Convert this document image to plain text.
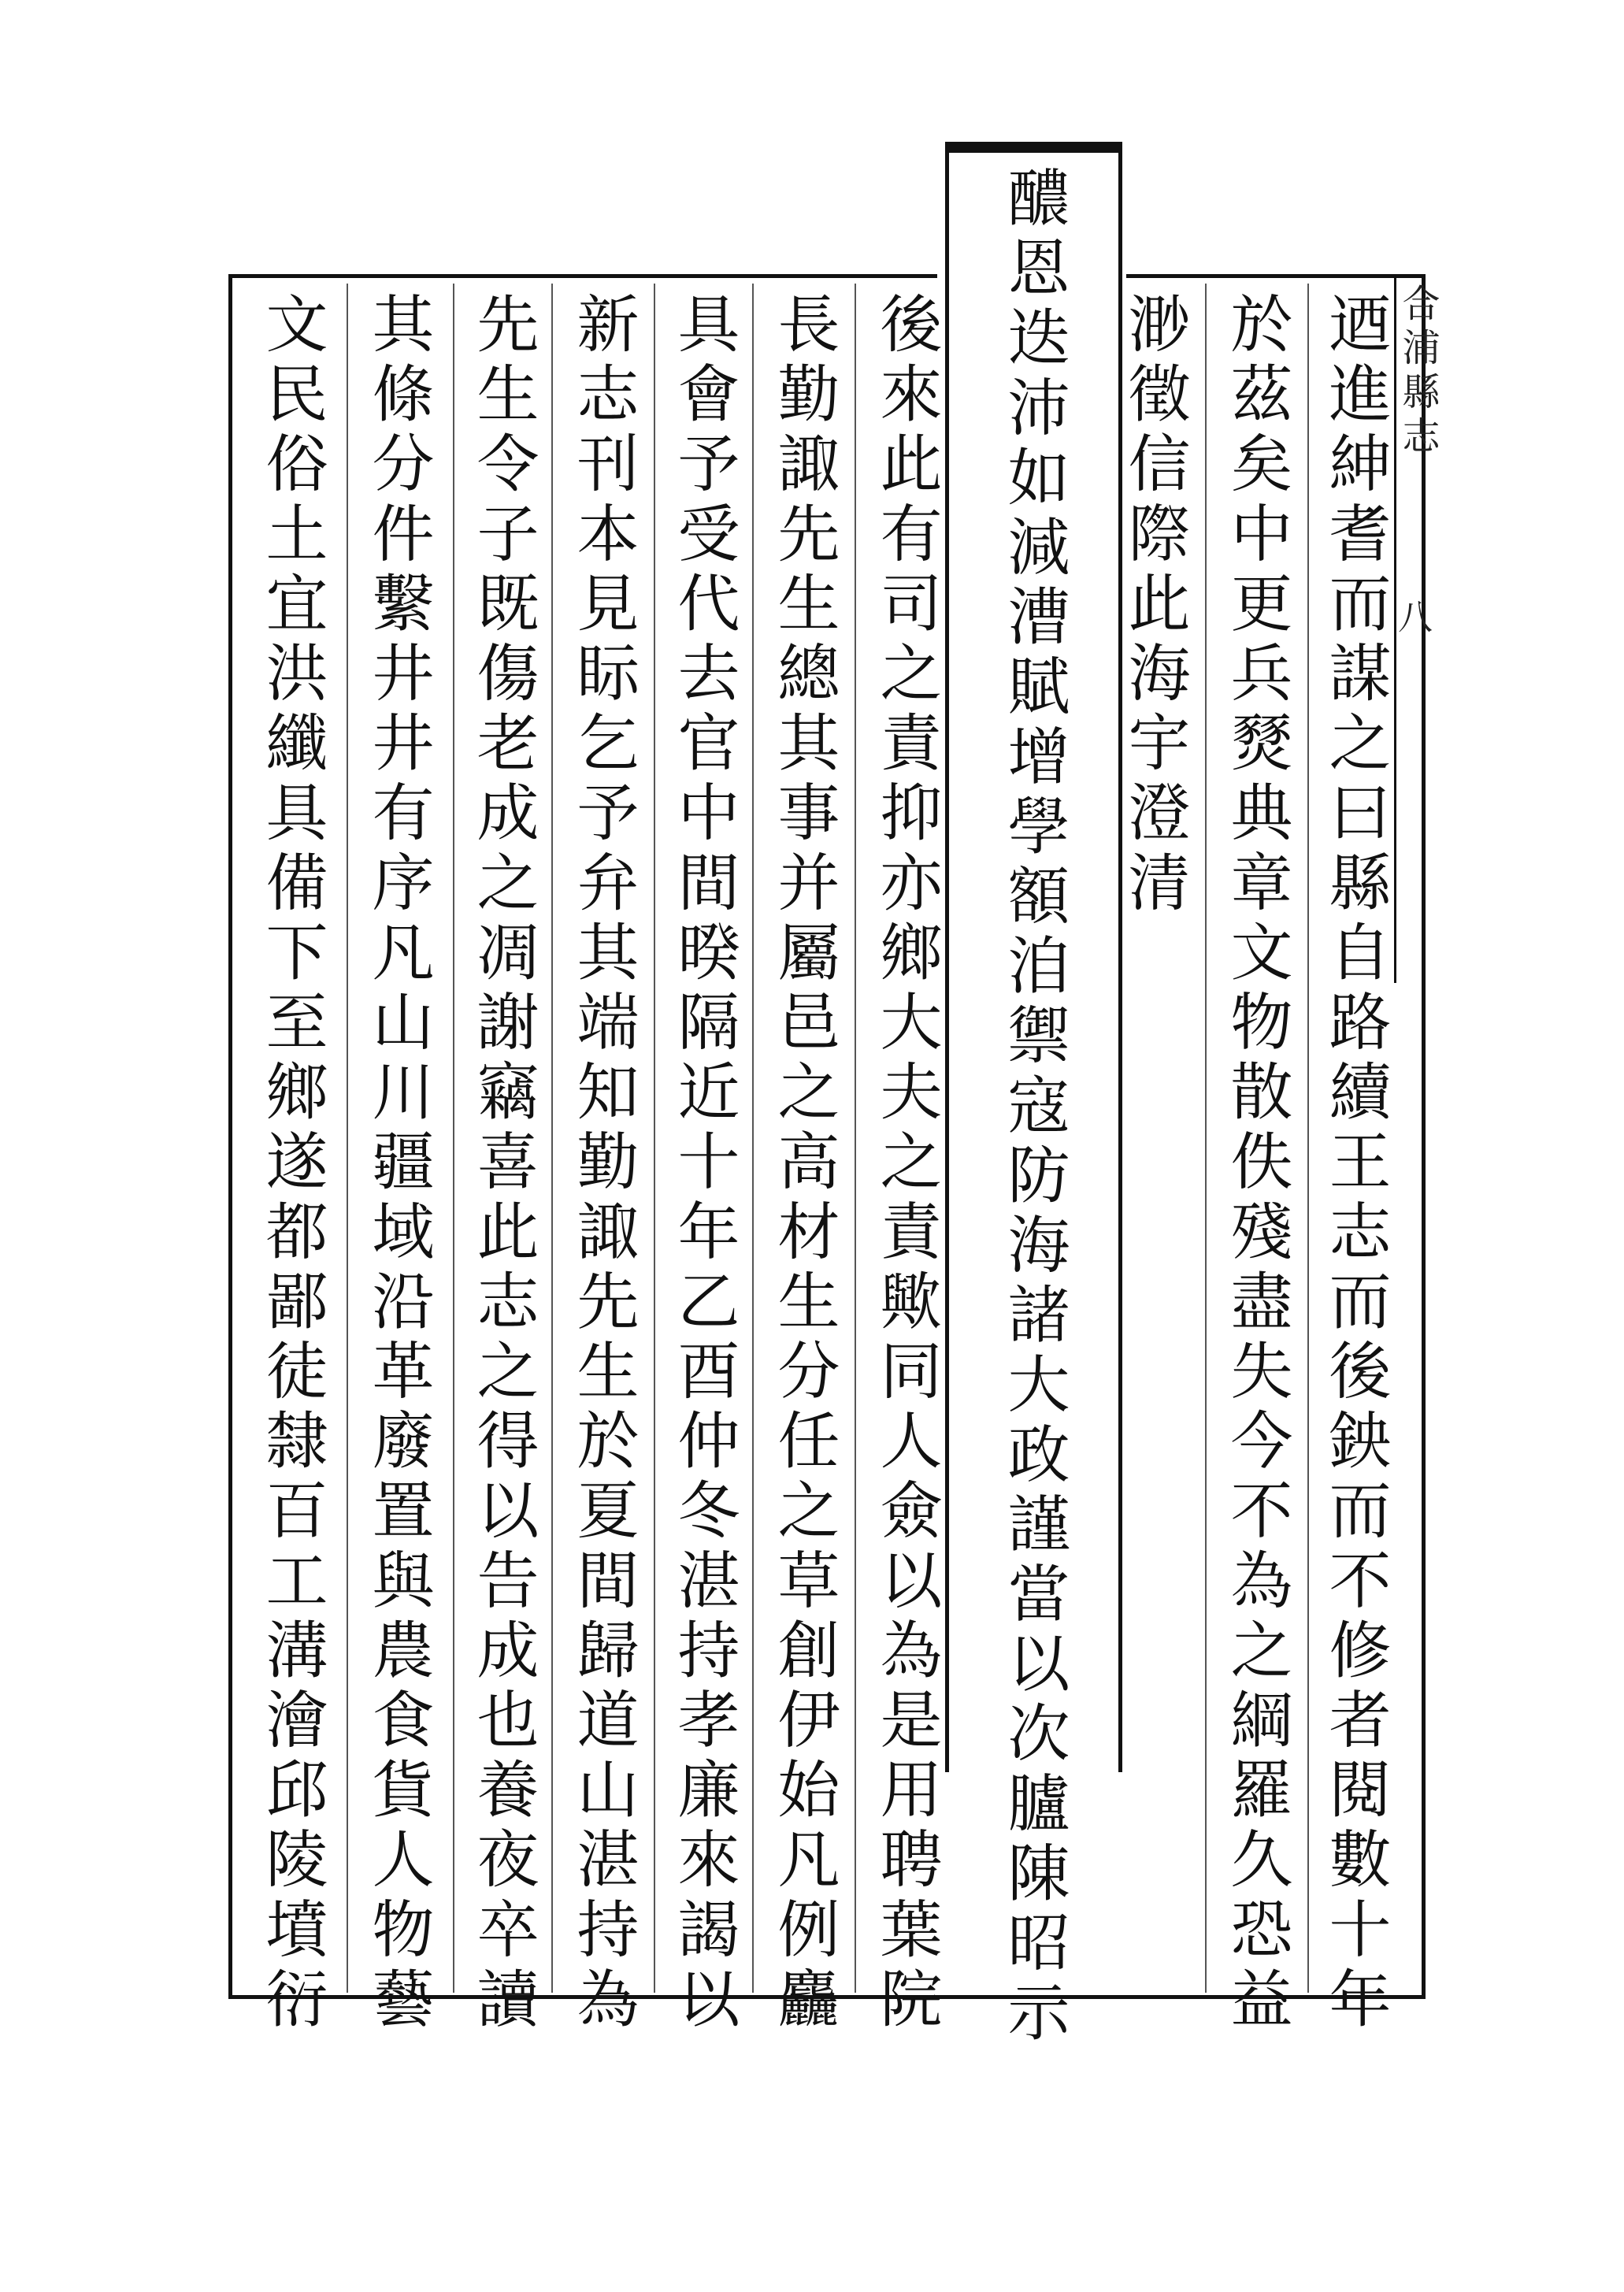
合浦縣志
八
迺進紳耆而謀之曰縣自路續王志而後鉠而不修者閱數十年
於茲矣中更兵燹典章文物散佚殘盡失今不為之綱羅久恐益
渺徵信際此海宇澄清
醲恩迭沛如減漕賦增學額洎禦寇防海諸大政謹當以次臚陳昭示
後來此有司之責抑亦鄉大夫之責歟同人僉以為是用聘葉院
長勤諏先生總其事并屬邑之高材生分任之草創伊始凡例麤
具會予受代去官中間暌隔近十年乙酉仲冬湛持孝廉來謁以
新志刊本見眎乞予弁其端知勤諏先生於夏間歸道山湛持為
先生令子既傷老成之凋謝竊喜此志之得以告成也養夜卒讀
其條分件繫井井有序凡山川疆域沿革廢置與農食貨人物藝
文民俗土宜洪纖具備下至鄉遂都鄙徒隸百工溝澮邱陵墳衍
